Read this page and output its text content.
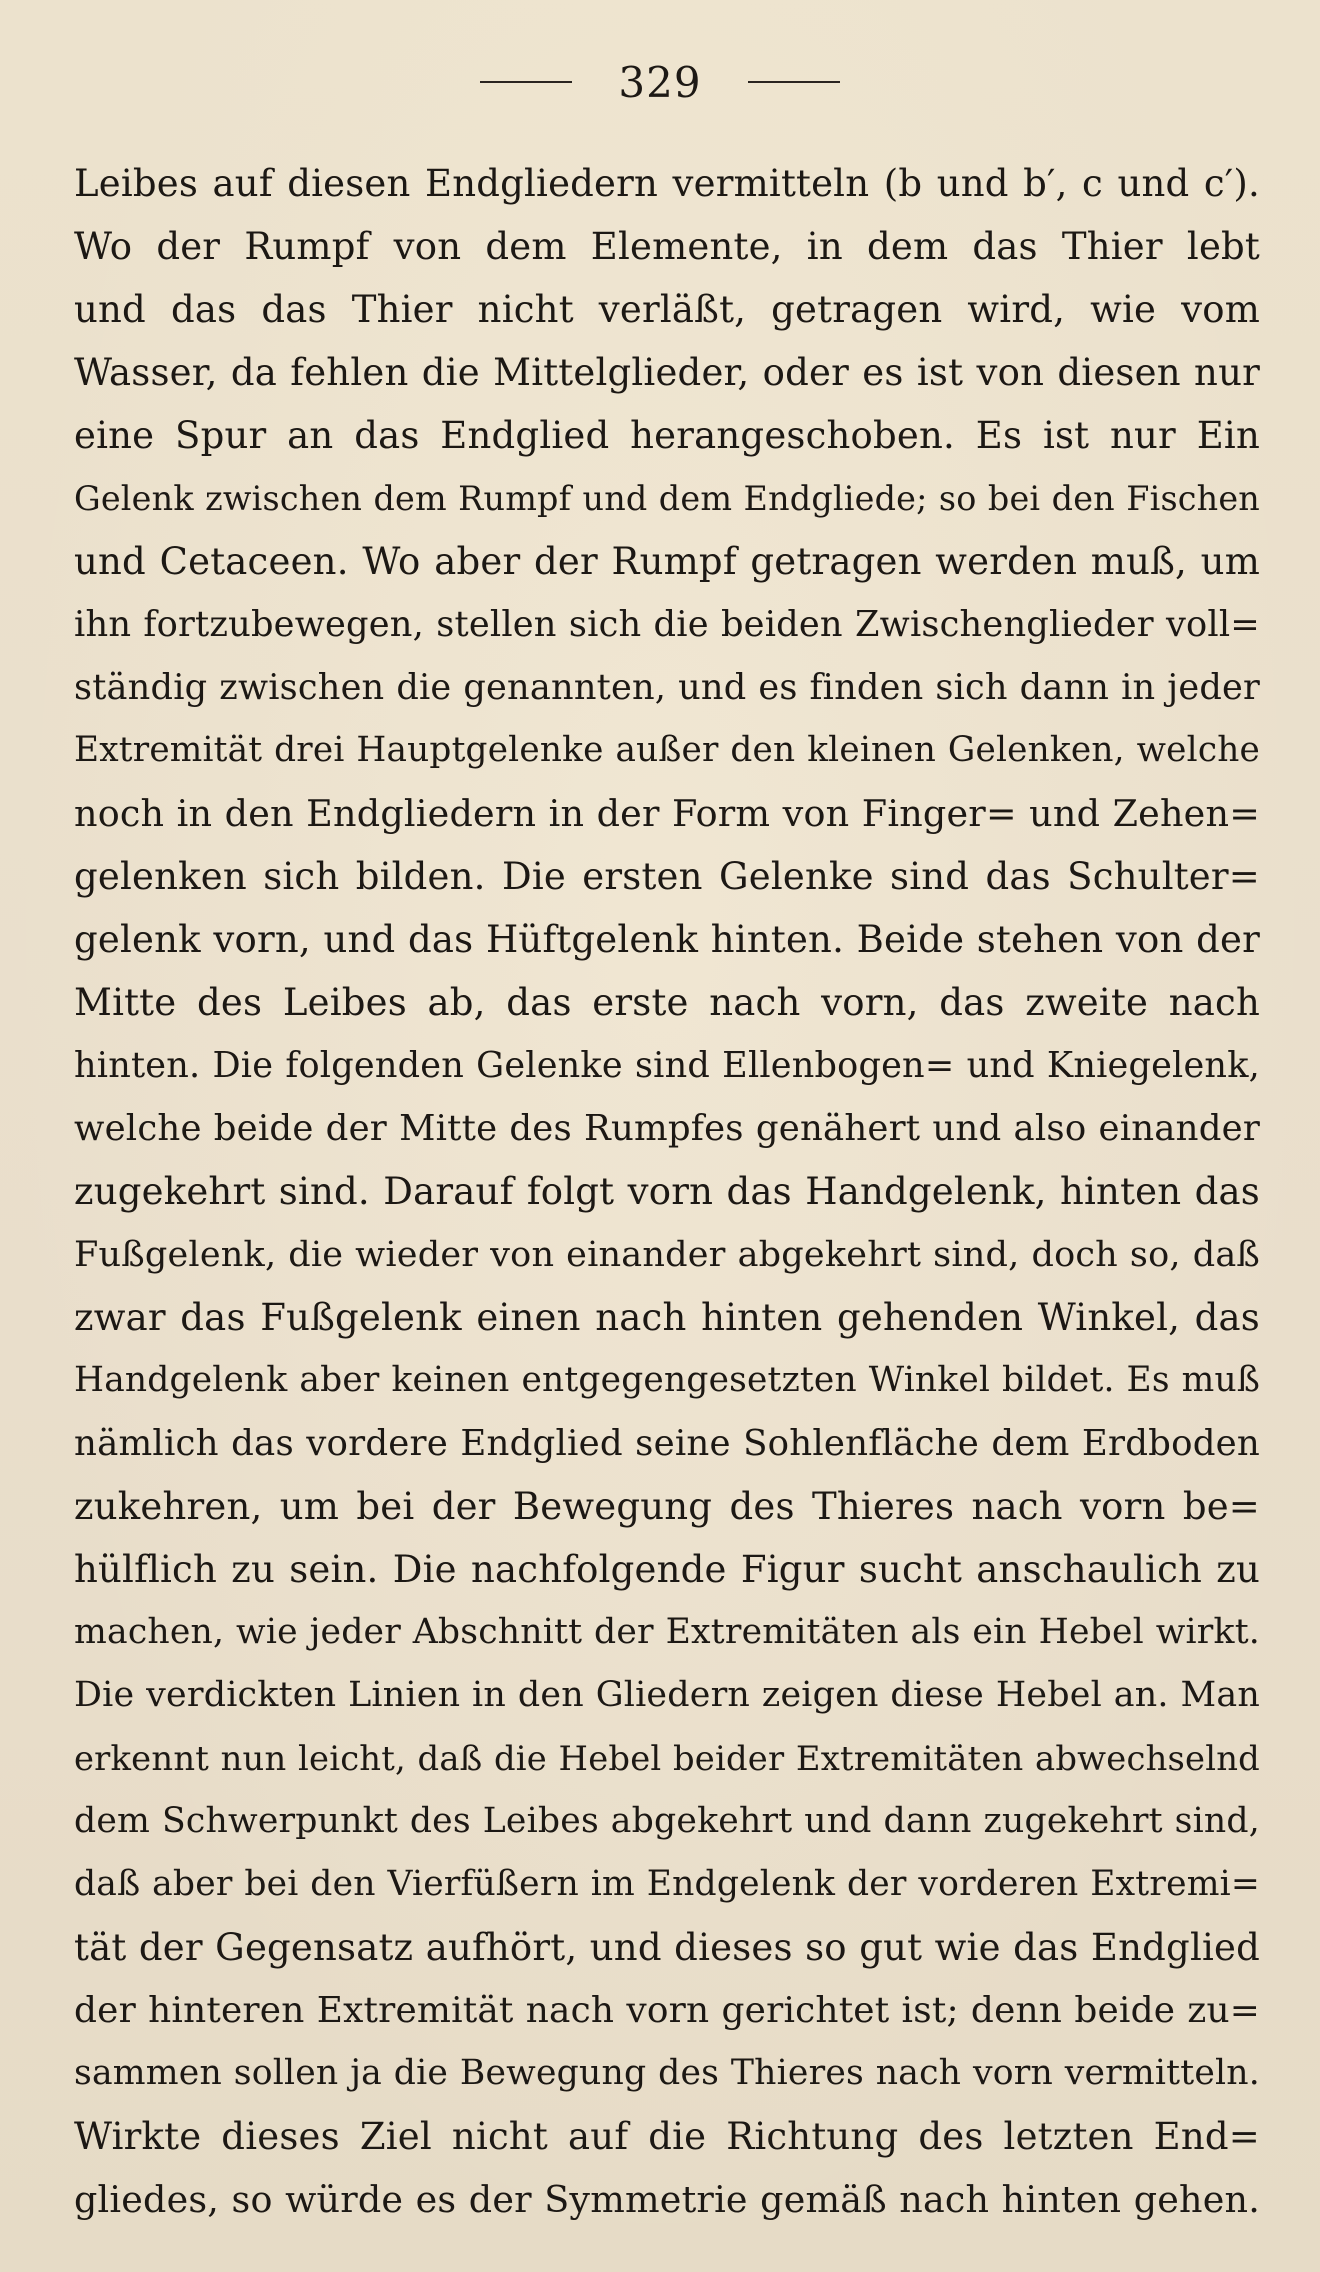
329
Leibes auf diesen Endgliedern vermitteln (b und b′, c und c′).
Wo der Rumpf von dem Elemente, in dem das Thier lebt
und das das Thier nicht verläßt, getragen wird, wie vom
Wasser, da fehlen die Mittelglieder, oder es ist von diesen nur
eine Spur an das Endglied herangeschoben. Es ist nur Ein
Gelenk zwischen dem Rumpf und dem Endgliede; so bei den Fischen
und Cetaceen. Wo aber der Rumpf getragen werden muß, um
ihn fortzubewegen, stellen sich die beiden Zwischenglieder voll=
ständig zwischen die genannten, und es finden sich dann in jeder
Extremität drei Hauptgelenke außer den kleinen Gelenken, welche
noch in den Endgliedern in der Form von Finger= und Zehen=
gelenken sich bilden. Die ersten Gelenke sind das Schulter=
gelenk vorn, und das Hüftgelenk hinten. Beide stehen von der
Mitte des Leibes ab, das erste nach vorn, das zweite nach
hinten. Die folgenden Gelenke sind Ellenbogen= und Kniegelenk,
welche beide der Mitte des Rumpfes genähert und also einander
zugekehrt sind. Darauf folgt vorn das Handgelenk, hinten das
Fußgelenk, die wieder von einander abgekehrt sind, doch so, daß
zwar das Fußgelenk einen nach hinten gehenden Winkel, das
Handgelenk aber keinen entgegengesetzten Winkel bildet. Es muß
nämlich das vordere Endglied seine Sohlenfläche dem Erdboden
zukehren, um bei der Bewegung des Thieres nach vorn be=
hülflich zu sein. Die nachfolgende Figur sucht anschaulich zu
machen, wie jeder Abschnitt der Extremitäten als ein Hebel wirkt.
Die verdickten Linien in den Gliedern zeigen diese Hebel an. Man
erkennt nun leicht, daß die Hebel beider Extremitäten abwechselnd
dem Schwerpunkt des Leibes abgekehrt und dann zugekehrt sind,
daß aber bei den Vierfüßern im Endgelenk der vorderen Extremi=
tät der Gegensatz aufhört, und dieses so gut wie das Endglied
der hinteren Extremität nach vorn gerichtet ist; denn beide zu=
sammen sollen ja die Bewegung des Thieres nach vorn vermitteln.
Wirkte dieses Ziel nicht auf die Richtung des letzten End=
gliedes, so würde es der Symmetrie gemäß nach hinten gehen.
